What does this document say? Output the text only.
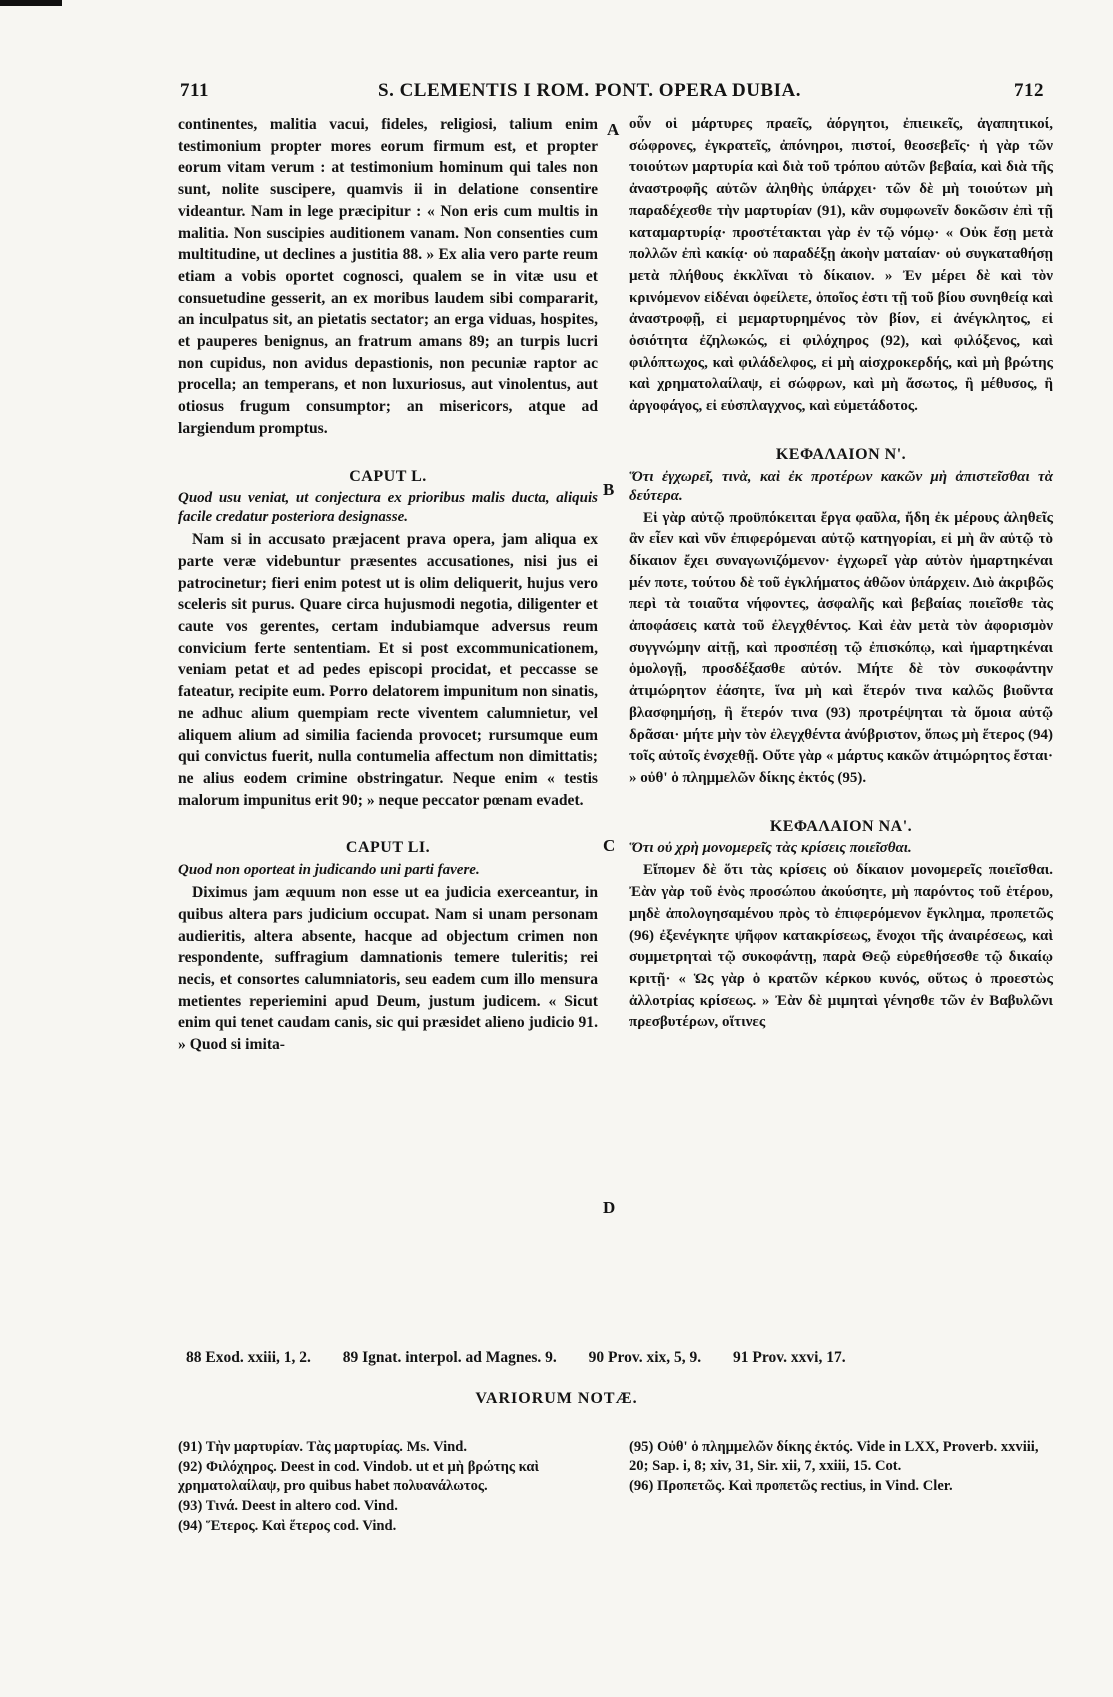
711	S. CLEMENTIS I ROM. PONT. OPERA DUBIA.	712

continentes, malitia vacui, fideles, religiosi, talium enim testimonium propter mores eorum firmum est, et propter eorum vitam verum : at testimonium hominum qui tales non sunt, nolite suscipere, quamvis ii in delatione consentire videantur. Nam in lege præcipitur : « Non eris cum multis in malitia. Non suscipies auditionem vanam. Non consenties cum multitudine, ut declines a justitia 88. » Ex alia vero parte reum etiam a vobis oportet cognosci, qualem se in vitæ usu et consuetudine gesserit, an ex moribus laudem sibi compararit, an inculpatus sit, an pietatis sectator; an erga viduas, hospites, et pauperes benignus, an fratrum amans 89; an turpis lucri non cupidus, non avidus depastionis, non pecuniæ raptor ac procella; an temperans, et non luxuriosus, aut vinolentus, aut otiosus frugum consumptor; an misericors, atque ad largiendum promptus.

CAPUT L.
Quod usu veniat, ut conjectura ex prioribus malis ducta, aliquis facile credatur posteriora designasse.

Nam si in accusato præjacent prava opera, jam aliqua ex parte veræ videbuntur præsentes accusationes, nisi jus ei patrocinetur; fieri enim potest ut is olim deliquerit, hujus vero sceleris sit purus. Quare circa hujusmodi negotia, diligenter et caute vos gerentes, certam indubiamque adversus reum convicium ferte sententiam. Et si post excommunicationem, veniam petat et ad pedes episcopi procidat, et peccasse se fateatur, recipite eum. Porro delatorem impunitum non sinatis, ne adhuc alium quempiam recte viventem calumnietur, vel aliquem alium ad similia facienda provocet; rursumque eum qui convictus fuerit, nulla contumelia affectum non dimittatis; ne alius eodem crimine obstringatur. Neque enim « testis malorum impunitus erit 90; » neque peccator pœnam evadet.

CAPUT LI.
Quod non oporteat in judicando uni parti favere.

Diximus jam æquum non esse ut ea judicia exerceantur, in quibus altera pars judicium occupat. Nam si unam personam audieritis, altera absente, hacque ad objectum crimen non respondente, suffragium damnationis temere tuleritis; rei necis, et consortes calumniatoris, seu eadem cum illo mensura metientes reperiemini apud Deum, justum judicem. « Sicut enim qui tenet caudam canis, sic qui præsidet alieno judicio 91. » Quod si imita-

οὖν οἱ μάρτυρες πραεῖς, ἀόργητοι, ἐπιεικεῖς, ἀγαπητικοί, σώφρονες, ἐγκρατεῖς, ἀπόνηροι, πιστοί, θεοσεβεῖς· ἡ γὰρ τῶν τοιούτων μαρτυρία καὶ διὰ τοῦ τρόπου αὐτῶν βεβαία, καὶ διὰ τῆς ἀναστροφῆς αὐτῶν ἀληθὴς ὑπάρχει· τῶν δὲ μὴ τοιούτων μὴ παραδέχεσθε τὴν μαρτυρίαν (91), κἂν συμφωνεῖν δοκῶσιν ἐπὶ τῇ καταμαρτυρίᾳ· προστέτακται γὰρ ἐν τῷ νόμῳ· « Οὐκ ἔσῃ μετὰ πολλῶν ἐπὶ κακίᾳ· οὐ παραδέξῃ ἀκοὴν ματαίαν· οὐ συγκαταθήσῃ μετὰ πλήθους ἐκκλῖναι τὸ δίκαιον. » Ἐν μέρει δὲ καὶ τὸν κρινόμενον εἰδέναι ὀφείλετε, ὁποῖος ἐστι τῇ τοῦ βίου συνηθείᾳ καὶ ἀναστροφῇ, εἰ μεμαρτυρημένος τὸν βίον, εἰ ἀνέγκλητος, εἰ ὁσιότητα ἐζηλωκώς, εἰ φιλόχηρος (92), καὶ φιλόξενος, καὶ φιλόπτωχος, καὶ φιλάδελφος, εἰ μὴ αἰσχροκερδής, καὶ μὴ βρώτης καὶ χρηματολαίλαψ, εἰ σώφρων, καὶ μὴ ἄσωτος, ἢ μέθυσος, ἢ ἀργοφάγος, εἰ εὐσπλαγχνος, καὶ εὐμετάδοτος.

ΚΕΦΑΛΑΙΟΝ Ν'.
Ὅτι ἐγχωρεῖ, τινὰ, καὶ ἐκ προτέρων κακῶν μὴ ἀπιστεῖσθαι τὰ δεύτερα.

Εἰ γὰρ αὐτῷ προϋπόκειται ἔργα φαῦλα, ἤδη ἐκ μέρους ἀληθεῖς ἂν εἶεν καὶ νῦν ἐπιφερόμεναι αὐτῷ κατηγορίαι, εἰ μὴ ἂν αὐτῷ τὸ δίκαιον ἔχει συναγωνιζόμενον· ἐγχωρεῖ γὰρ αὐτὸν ἡμαρτηκέναι μέν ποτε, τούτου δὲ τοῦ ἐγκλήματος ἀθῶον ὑπάρχειν. Διὸ ἀκριβῶς περὶ τὰ τοιαῦτα νήφοντες, ἀσφαλῆς καὶ βεβαίας ποιεῖσθε τὰς ἀποφάσεις κατὰ τοῦ ἐλεγχθέντος. Καὶ ἐὰν μετὰ τὸν ἀφορισμὸν συγγνώμην αἰτῇ, καὶ προσπέσῃ τῷ ἐπισκόπῳ, καὶ ἡμαρτηκέναι ὁμολογῇ, προσδέξασθε αὐτόν. Μήτε δὲ τὸν συκοφάντην ἀτιμώρητον ἐάσητε, ἵνα μὴ καὶ ἕτερόν τινα καλῶς βιοῦντα βλασφημήσῃ, ἢ ἕτερόν τινα (93) προτρέψηται τὰ ὅμοια αὐτῷ δρᾶσαι· μήτε μὴν τὸν ἐλεγχθέντα ἀνύβριστον, ὅπως μὴ ἕτερος (94) τοῖς αὐτοῖς ἐνσχεθῇ. Οὔτε γὰρ « μάρτυς κακῶν ἀτιμώρητος ἔσται· » οὐθ' ὁ πλημμελῶν δίκης ἐκτός (95).

ΚΕΦΑΛΑΙΟΝ ΝΑ'.
Ὅτι οὐ χρὴ μονομερεῖς τὰς κρίσεις ποιεῖσθαι.

Εἴπομεν δὲ ὅτι τὰς κρίσεις οὐ δίκαιον μονομερεῖς ποιεῖσθαι. Ἐὰν γὰρ τοῦ ἑνὸς προσώπου ἀκούσητε, μὴ παρόντος τοῦ ἑτέρου, μηδὲ ἀπολογησαμένου πρὸς τὸ ἐπιφερόμενον ἔγκλημα, προπετῶς (96) ἐξενέγκητε ψῆφον κατακρίσεως, ἔνοχοι τῆς ἀναιρέσεως, καὶ συμμετρηταὶ τῷ συκοφάντῃ, παρὰ Θεῷ εὑρεθήσεσθε τῷ δικαίῳ κριτῇ· « Ὡς γὰρ ὁ κρατῶν κέρκου κυνός, οὕτως ὁ προεστὼς ἀλλοτρίας κρίσεως. » Ἐὰν δὲ μιμηταὶ γένησθε τῶν ἐν Βαβυλῶνι πρεσβυτέρων, οἵτινες

A
B
C
D
88 Exod. xxiii, 1, 2. 89 Ignat. interpol. ad Magnes. 9. 90 Prov. xix, 5, 9. 91 Prov. xxvi, 17.
VARIORUM NOTÆ.

(91) Τὴν μαρτυρίαν. Τὰς μαρτυρίας. Ms. Vind.

(92) Φιλόχηρος. Deest in cod. Vindob. ut et μὴ βρώτης καὶ χρηματολαίλαψ, pro quibus habet πολυανάλωτος.

(93) Τινά. Deest in altero cod. Vind.

(94) Ἕτερος. Καὶ ἕτερος cod. Vind.

(95) Οὐθ' ὁ πλημμελῶν δίκης ἐκτός. Vide in LXX, Proverb. xxviii, 20; Sap. i, 8; xiv, 31, Sir. xii, 7, xxiii, 15. Cot.

(96) Προπετῶς. Καὶ προπετῶς rectius, in Vind. Cler.
